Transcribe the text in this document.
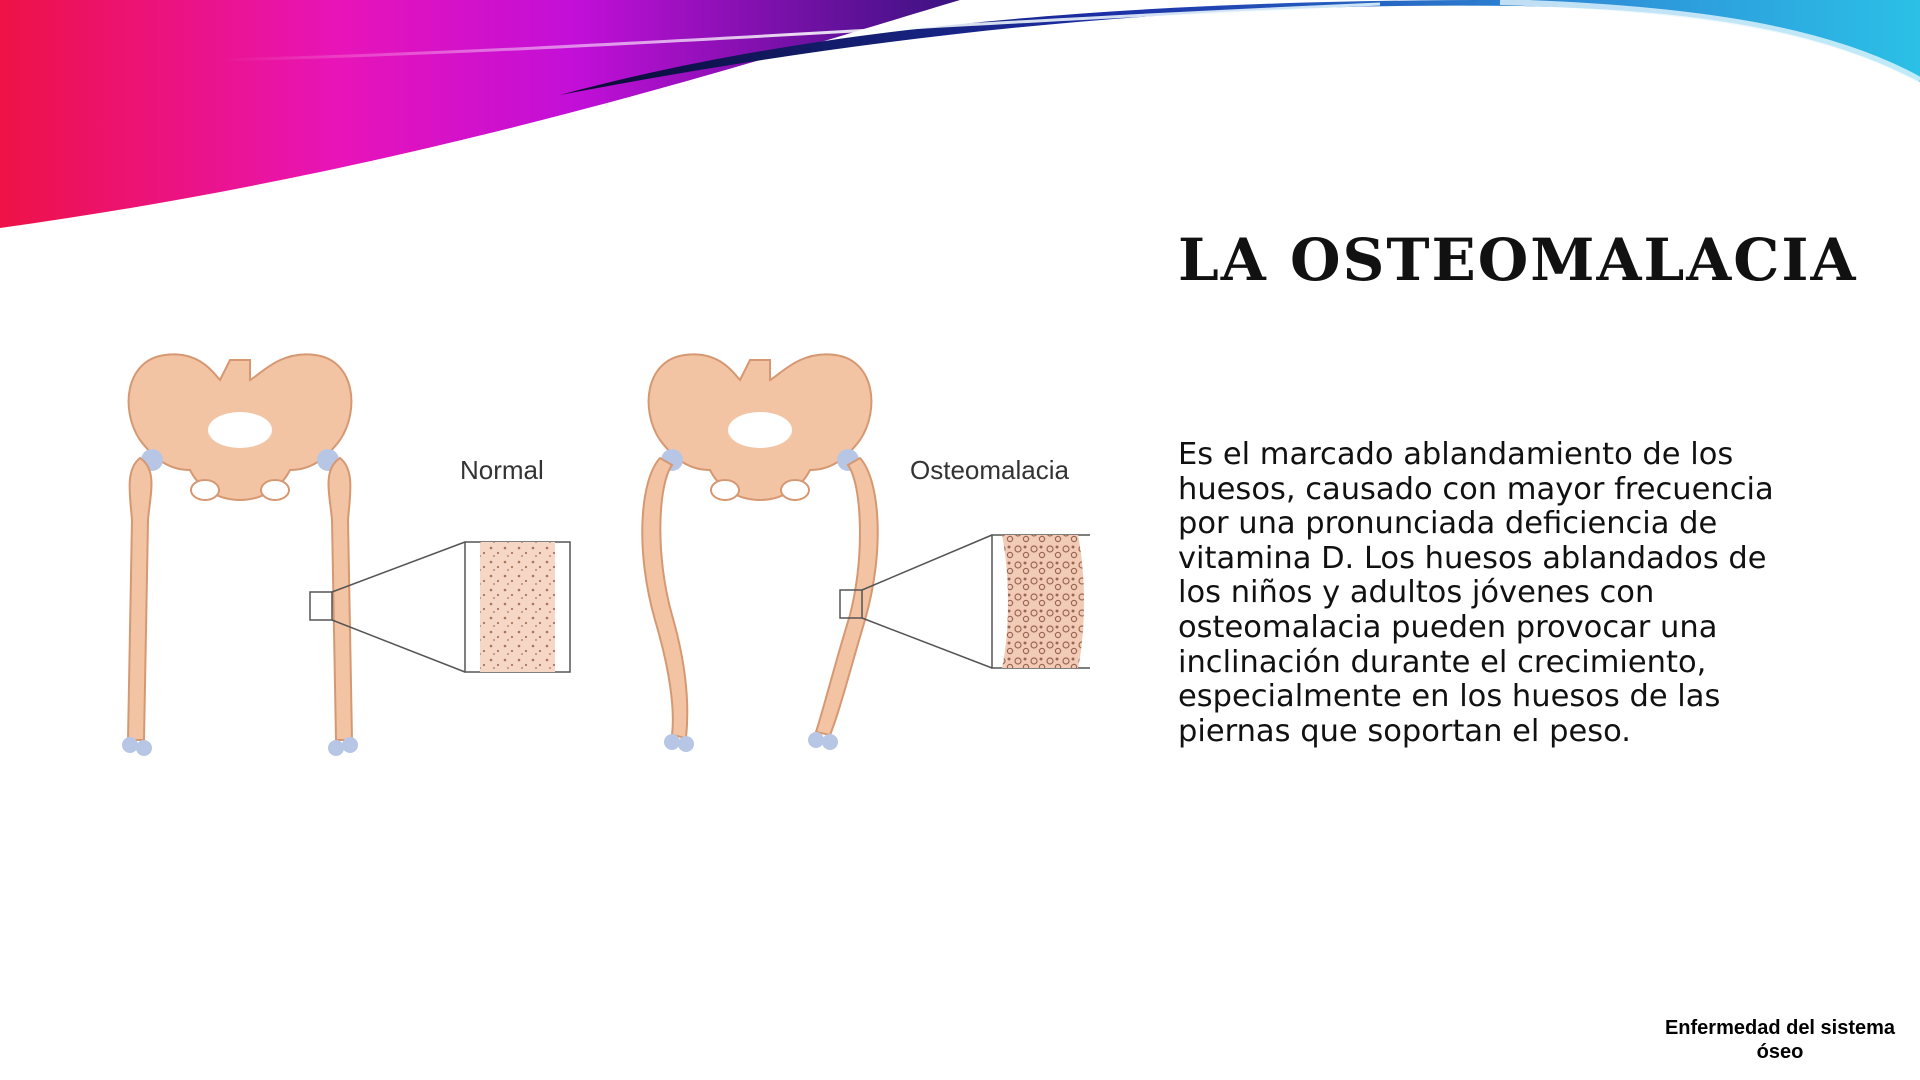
LA OSTEOMALACIA

Es el marcado ablandamiento de los huesos, causado con mayor frecuencia por una pronunciada deficiencia de vitamina D. Los huesos ablandados de los niños y adultos jóvenes con osteomalacia pueden provocar una inclinación durante el crecimiento, especialmente en los huesos de las piernas que soportan el peso.

Normal	Osteomalacia
Enfermedad del sistema óseo
